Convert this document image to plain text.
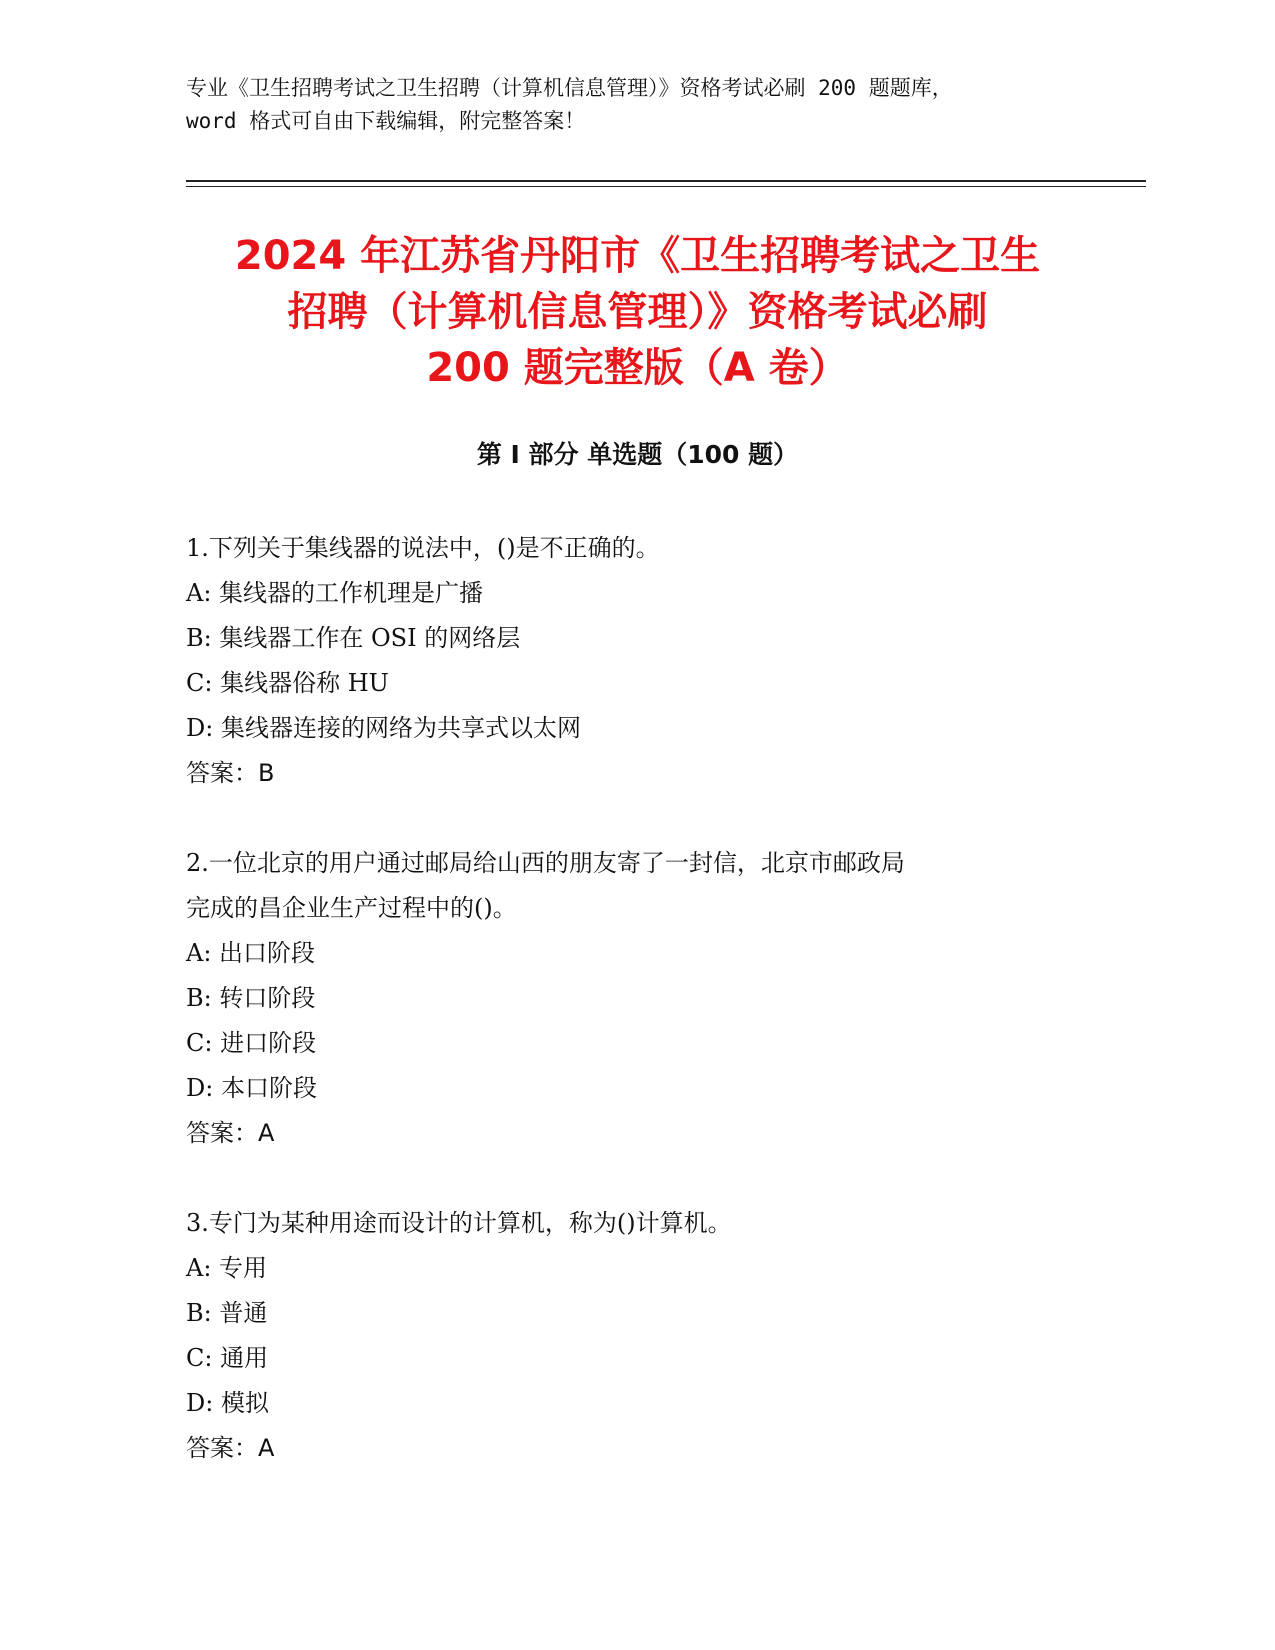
专业《卫生招聘考试之卫生招聘（计算机信息管理）》资格考试必刷 200 题题库，
word 格式可自由下载编辑，附完整答案！
2024 年江苏省丹阳市《卫生招聘考试之卫生
招聘（计算机信息管理）》资格考试必刷
200 题完整版（A 卷）
第 I 部分 单选题（100 题）
1.下列关于集线器的说法中，()是不正确的。
A: 集线器的工作机理是广播
B: 集线器工作在 OSI 的网络层
C: 集线器俗称 HU
D: 集线器连接的网络为共享式以太网
答案：B
2.一位北京的用户通过邮局给山西的朋友寄了一封信，北京市邮政局
完成的昌企业生产过程中的()。
A: 出口阶段
B: 转口阶段
C: 进口阶段
D: 本口阶段
答案：A
3.专门为某种用途而设计的计算机，称为()计算机。
A: 专用
B: 普通
C: 通用
D: 模拟
答案：A
